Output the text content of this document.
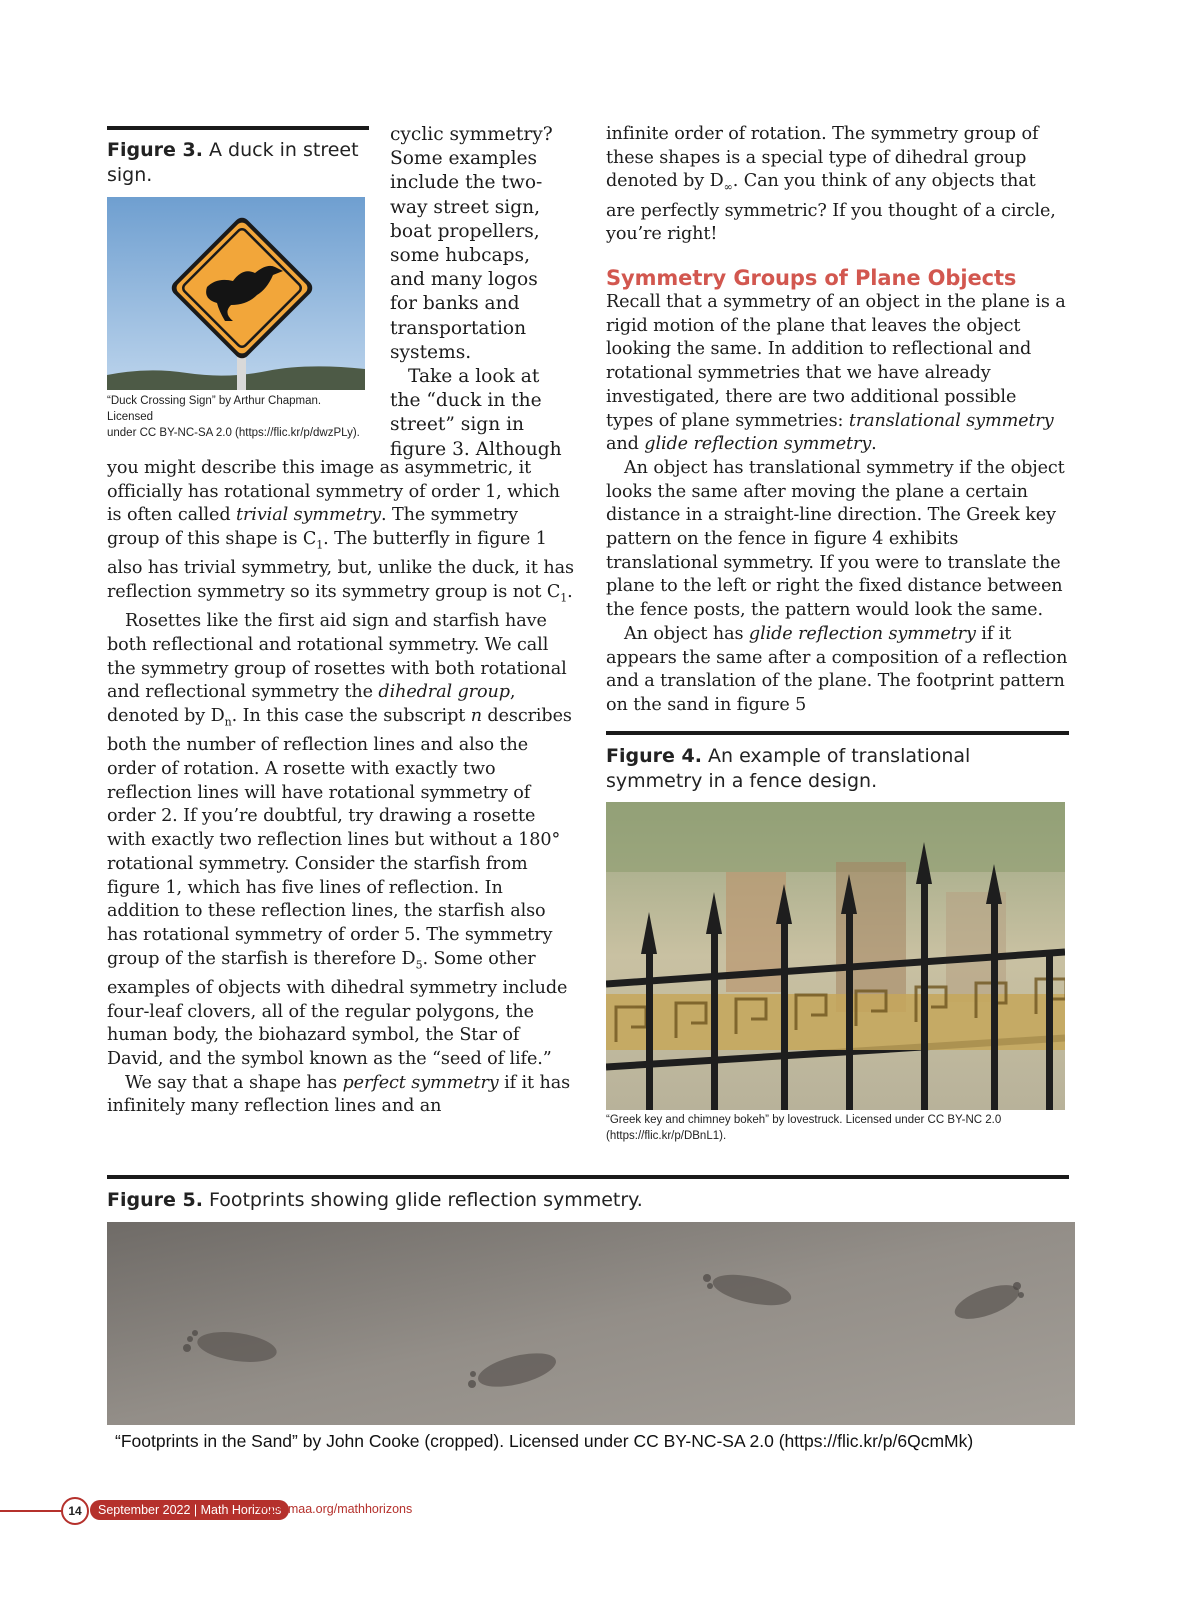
Figure 3. A duck in street sign.
“Duck Crossing Sign” by Arthur Chapman. Licensed
under CC BY-NC-SA 2.0 (https://flic.kr/p/dwzPLy).
cyclic symmetry?
Some examples
include the two-
way street sign,
boat propellers,
some hubcaps,
and many logos
for banks and
transportation
systems.
Take a look at
the “duck in the
street” sign in
figure 3. Although

you might describe this image as asymmetric, it officially has rotational symmetry of order 1, which is often called trivial symmetry. The symmetry group of this shape is $C_1$. The butterfly in figure 1 also has trivial symmetry, but, unlike the duck, it has reflection symmetry so its symmetry group is not $C_1$.

Rosettes like the first aid sign and starfish have both reflectional and rotational symmetry. We call the symmetry group of rosettes with both rotational and reflectional symmetry the dihedral group, denoted by $D_n$. In this case the subscript n describes both the number of reflection lines and also the order of rotation. A rosette with exactly two reflection lines will have rotational symmetry of order 2. If you’re doubtful, try drawing a rosette with exactly two reflection lines but without a 180° rotational symmetry. Consider the starfish from figure 1, which has five lines of reflection. In addition to these reflection lines, the starfish also has rotational symmetry of order 5. The symmetry group of the starfish is therefore $D_5$. Some other examples of objects with dihedral symmetry include four-leaf clovers, all of the regular polygons, the human body, the biohazard symbol, the Star of David, and the symbol known as the “seed of life.”

We say that a shape has perfect symmetry if it has infinitely many reflection lines and an

infinite order of rotation. The symmetry group of these shapes is a special type of dihedral group denoted by $D_\infty$. Can you think of any objects that are perfectly symmetric? If you thought of a circle, you’re right!

Symmetry Groups of Plane Objects

Recall that a symmetry of an object in the plane is a rigid motion of the plane that leaves the object looking the same. In addition to reflectional and rotational symmetries that we have already investigated, there are two additional possible types of plane symmetries: translational symmetry and glide reflection symmetry.

An object has translational symmetry if the object looks the same after moving the plane a certain distance in a straight-line direction. The Greek key pattern on the fence in figure 4 exhibits translational symmetry. If you were to translate the plane to the left or right the fixed distance between the fence posts, the pattern would look the same.

An object has glide reflection symmetry if it appears the same after a composition of a reflection and a translation of the plane. The footprint pattern on the sand in figure 5

Figure 4. An example of translational symmetry in a fence design.
“Greek key and chimney bokeh” by lovestruck. Licensed under CC BY-NC 2.0
(https://flic.kr/p/DBnL1).
Figure 5. Footprints showing glide reflection symmetry.
“Footprints in the Sand” by John Cooke (cropped). Licensed under CC BY-NC-SA 2.0 (https://flic.kr/p/6QcmMk)
14	September 2022 | Math Horizons
www.maa.org/mathhorizons
